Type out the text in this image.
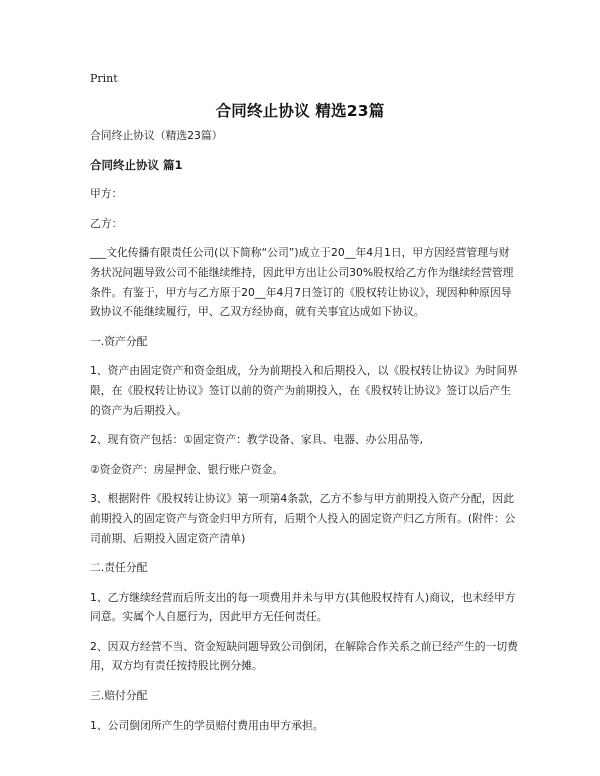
Print
合同终止协议 精选23篇

合同终止协议（精选23篇）

合同终止协议 篇1

甲方：

乙方：

___文化传播有限责任公司(以下简称“公司”)成立于20__年4月1日，甲方因经营管理与财务状况问题导致公司不能继续维持，因此甲方出让公司30%股权给乙方作为继续经营管理条件。有鉴于，甲方与乙方原于20__年4月7日签订的《股权转让协议》，现因种种原因导致协议不能继续履行，甲、乙双方经协商，就有关事宜达成如下协议。

一.资产分配

1、资产由固定资产和资金组成，分为前期投入和后期投入，以《股权转让协议》为时间界限，在《股权转让协议》签订以前的资产为前期投入，在《股权转让协议》签订以后产生的资产为后期投入。

2、现有资产包括：①固定资产：教学设备、家具、电器、办公用品等,

②资金资产：房屋押金、银行账户资金。

3、根据附件《股权转让协议》第一项第4条款，乙方不参与甲方前期投入资产分配，因此前期投入的固定资产与资金归甲方所有，后期个人投入的固定资产归乙方所有。(附件：公司前期、后期投入固定资产清单)

二.责任分配

1、乙方继续经营而后所支出的每一项费用并未与甲方(其他股权持有人)商议，也未经甲方同意。实属个人自愿行为，因此甲方无任何责任。

2、因双方经营不当、资金短缺问题导致公司倒闭，在解除合作关系之前已经产生的一切费用，双方均有责任按持股比例分摊。

三.赔付分配

1、公司倒闭所产生的学员赔付费用由甲方承担。
